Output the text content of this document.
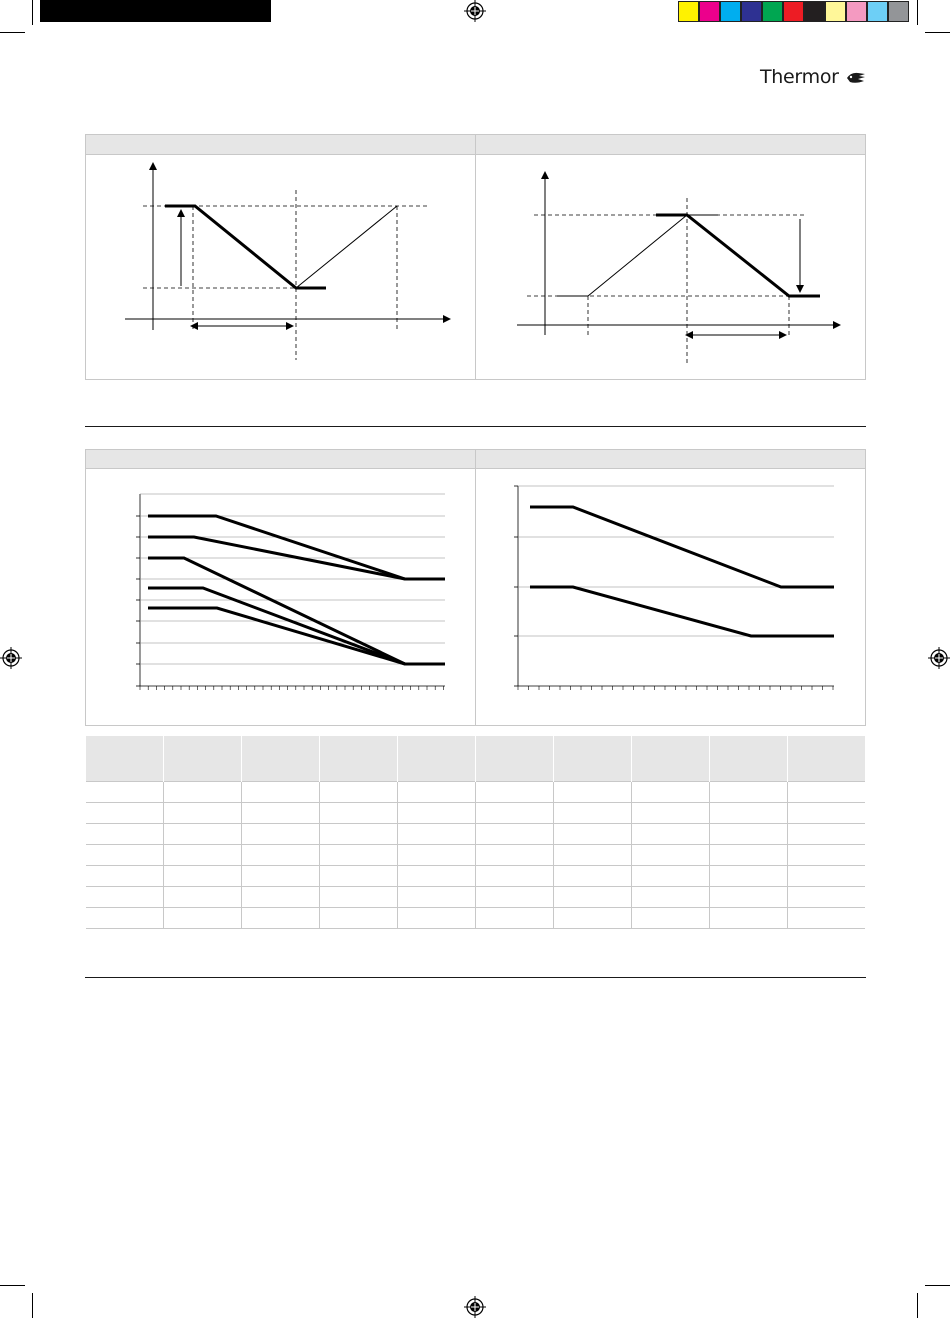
Thermor
